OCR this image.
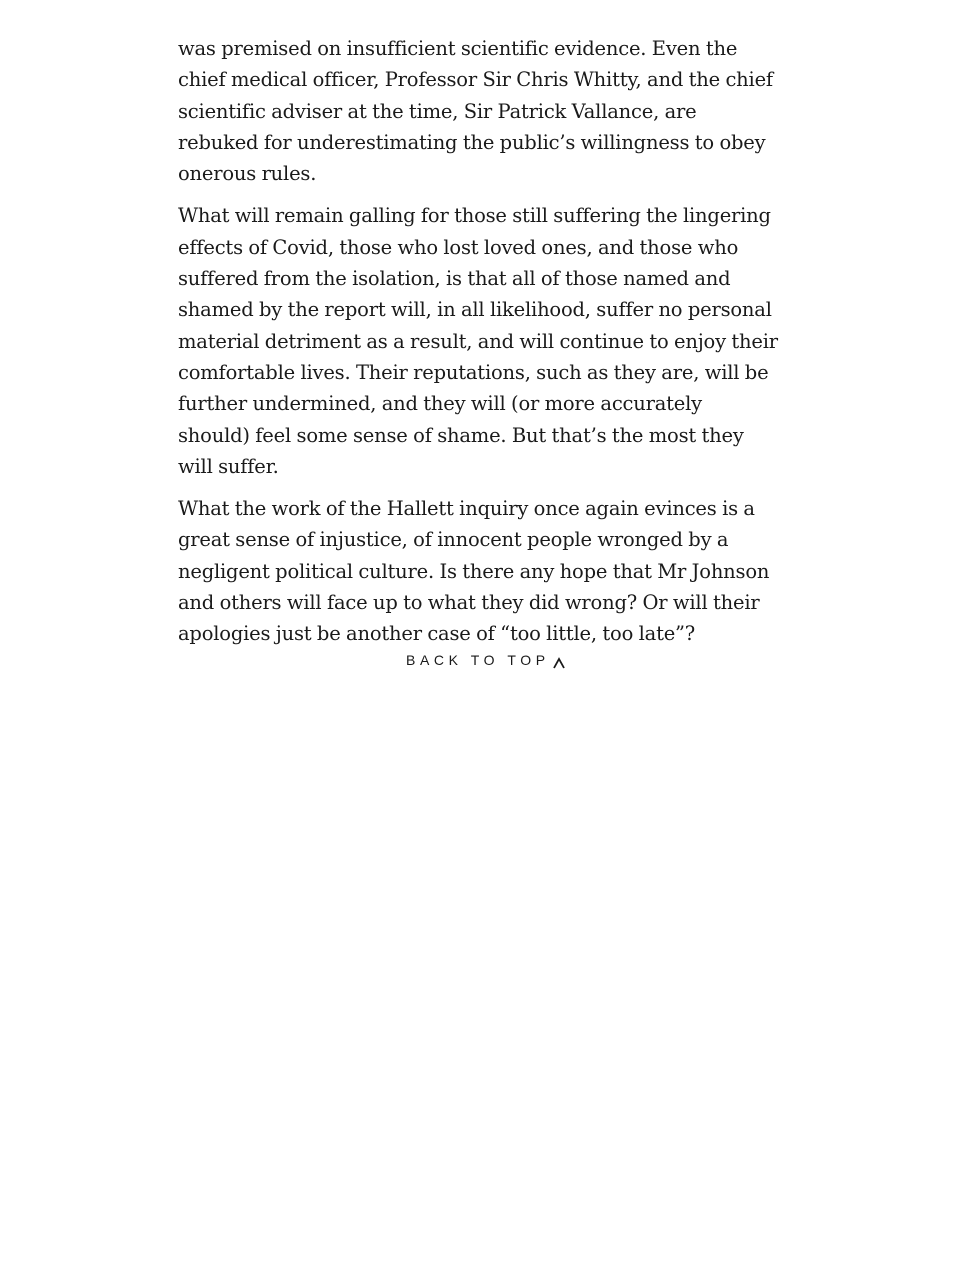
was premised on insufficient scientific evidence. Even the chief medical officer, Professor Sir Chris Whitty, and the chief scientific adviser at the time, Sir Patrick Vallance, are rebuked for underestimating the public’s willingness to obey onerous rules.

What will remain galling for those still suffering the lingering effects of Covid, those who lost loved ones, and those who suffered from the isolation, is that all of those named and shamed by the report will, in all likelihood, suffer no personal material detriment as a result, and will continue to enjoy their comfortable lives. Their reputations, such as they are, will be further undermined, and they will (or more accurately should) feel some sense of shame. But that’s the most they will suffer.

What the work of the Hallett inquiry once again evinces is a great sense of injustice, of innocent people wronged by a negligent political culture. Is there any hope that Mr Johnson and others will face up to what they did wrong? Or will their apologies just be another case of “too little, too late”?

BACK TO TOP
